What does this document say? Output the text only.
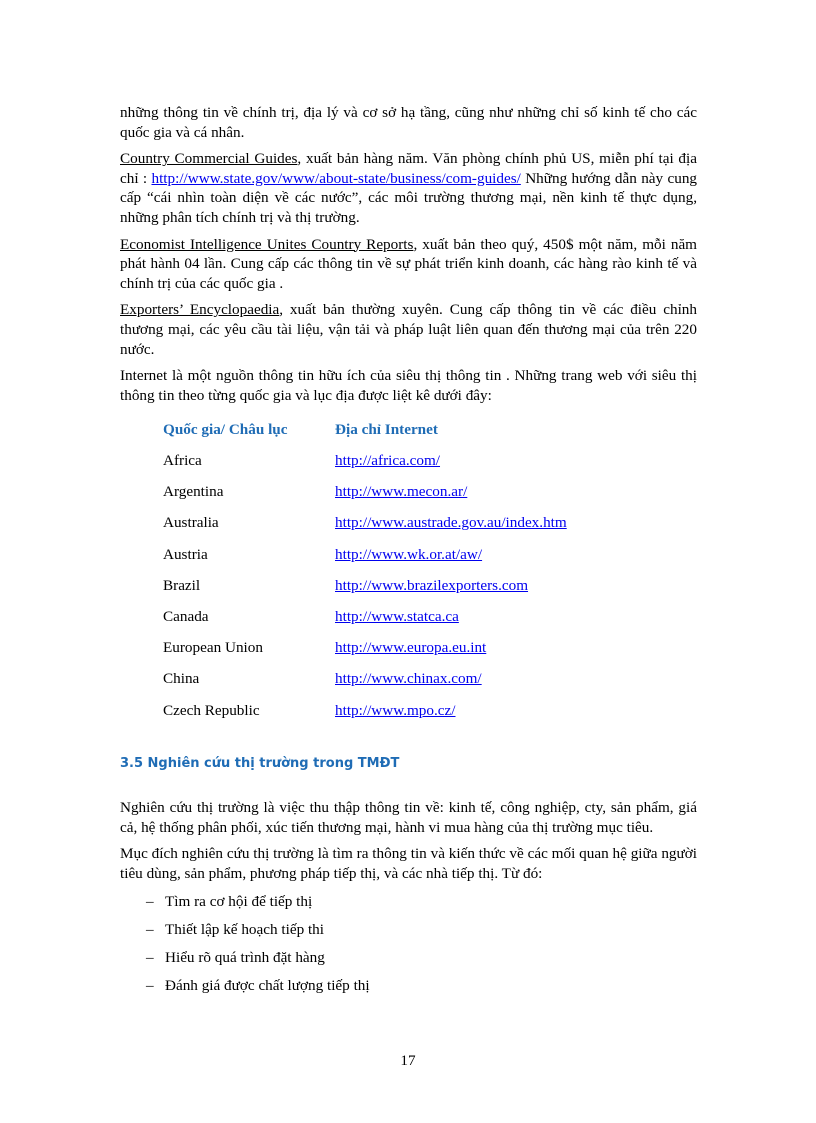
những thông tin về chính trị, địa lý và cơ sở hạ tầng, cũng như những chỉ số kinh tế cho các quốc gia và cá nhân.

Country Commercial Guides, xuất bản hàng năm. Văn phòng chính phủ US, miễn phí tại địa chỉ : http://www.state.gov/www/about-state/business/com-guides/ Những hướng dẫn này cung cấp “cái nhìn toàn diện về các nước”, các môi trường thương mại, nền kinh tế thực dụng, những phân tích chính trị và thị trường.

Economist Intelligence Unites Country Reports, xuất bản theo quý, 450$ một năm, mỗi năm phát hành 04 lần. Cung cấp các thông tin về sự phát triển kinh doanh, các hàng rào kinh tế và chính trị của các quốc gia .

Exporters’ Encyclopaedia, xuất bản thường xuyên. Cung cấp thông tin về các điều chỉnh thương mại, các yêu cầu tài liệu, vận tải và pháp luật liên quan đến thương mại của trên 220 nước.

Internet là một nguồn thông tin hữu ích của siêu thị thông tin . Những trang web với siêu thị thông tin theo từng quốc gia và lục địa được liệt kê dưới đây:

Quốc gia/ Châu lục	Địa chỉ Internet
Africa	http://africa.com/
Argentina	http://www.mecon.ar/
Australia	http://www.austrade.gov.au/index.htm
Austria	http://www.wk.or.at/aw/
Brazil	http://www.brazilexporters.com
Canada	http://www.statca.ca
European Union	http://www.europa.eu.int
China	http://www.chinax.com/
Czech Republic	http://www.mpo.cz/
3.5 Nghiên cứu thị trường trong TMĐT

Nghiên cứu thị trường là việc thu thập thông tin về: kinh tế, công nghiệp, cty, sản phẩm, giá cả, hệ thống phân phối, xúc tiến thương mại, hành vi mua hàng của thị trường mục tiêu.

Mục đích nghiên cứu thị trường là tìm ra thông tin và kiến thức về các mối quan hệ giữa người tiêu dùng, sản phẩm, phương pháp tiếp thị, và các nhà tiếp thị. Từ đó:

– Tìm ra cơ hội để tiếp thị
– Thiết lập kế hoạch tiếp thi
– Hiểu rõ quá trình đặt hàng
– Đánh giá được chất lượng tiếp thị
17
